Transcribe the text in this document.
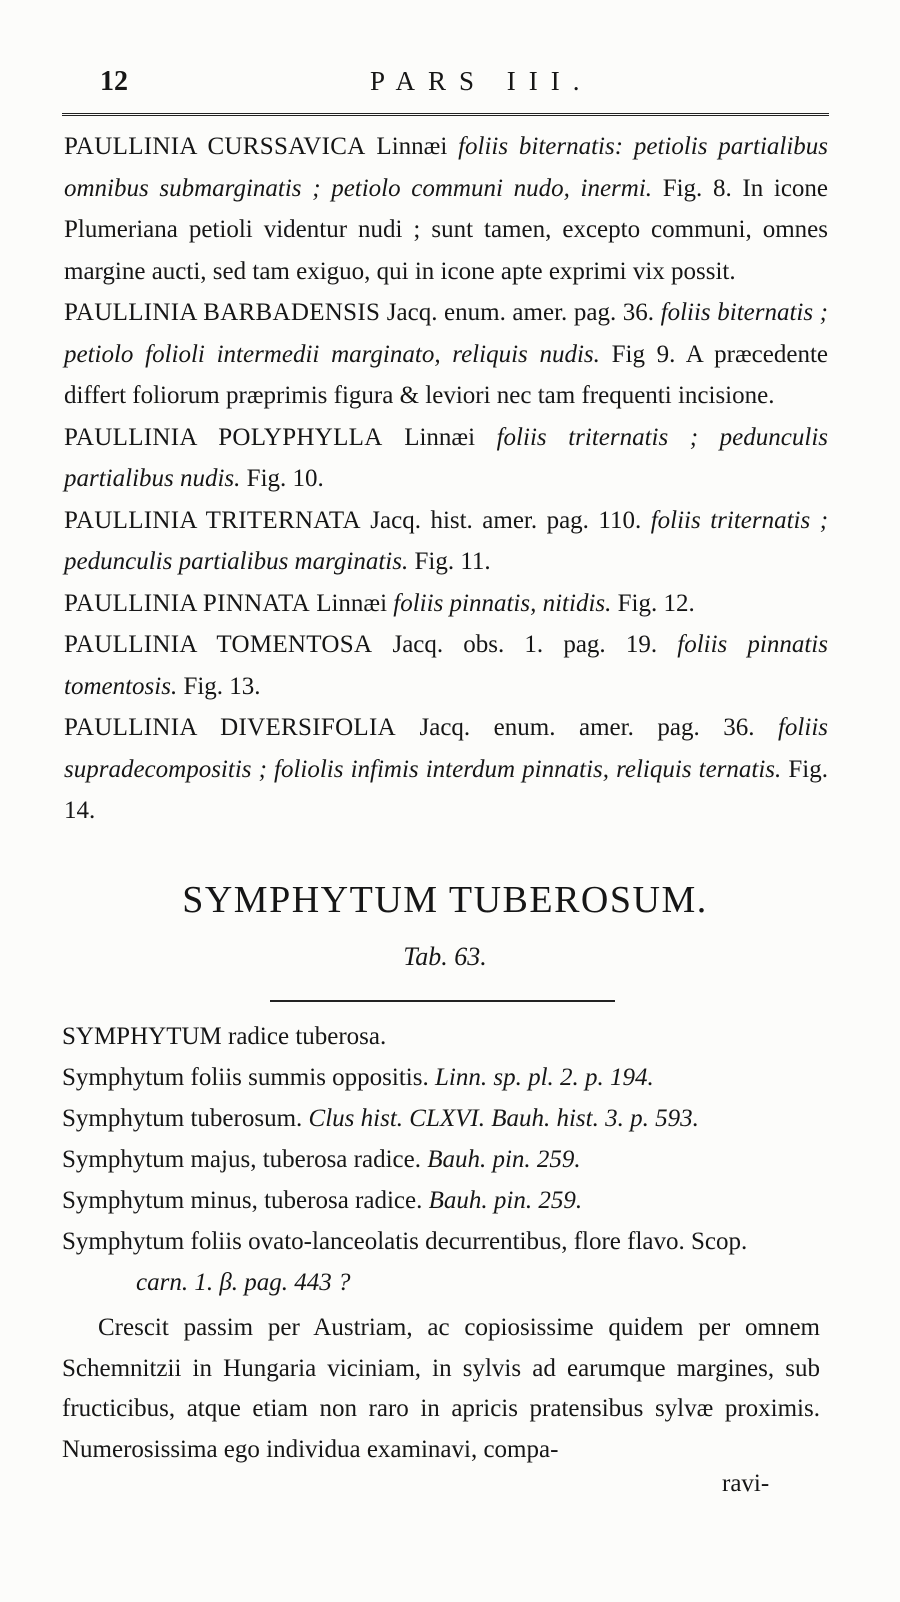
12	PARS III.

PAULLINIA CURSSAVICA Linnæi foliis biternatis: petiolis partialibus omnibus submarginatis ; petiolo communi nudo, inermi. Fig. 8. In icone Plumeriana petioli videntur nudi ; sunt tamen, excepto communi, omnes margine aucti, sed tam exiguo, qui in icone apte exprimi vix possit.

PAULLINIA BARBADENSIS Jacq. enum. amer. pag. 36. foliis biternatis ; petiolo folioli intermedii marginato, reliquis nudis. Fig 9. A præcedente differt foliorum præprimis figura & leviori nec tam frequenti incisione.

PAULLINIA POLYPHYLLA Linnæi foliis triternatis ; pedunculis partialibus nudis. Fig. 10.

PAULLINIA TRITERNATA Jacq. hist. amer. pag. 110. foliis triternatis ; pedunculis partialibus marginatis. Fig. 11.

PAULLINIA PINNATA Linnæi foliis pinnatis, nitidis. Fig. 12.

PAULLINIA TOMENTOSA Jacq. obs. 1. pag. 19. foliis pinnatis tomentosis. Fig. 13.

PAULLINIA DIVERSIFOLIA Jacq. enum. amer. pag. 36. foliis supradecompositis ; foliolis infimis interdum pinnatis, reliquis ternatis. Fig. 14.

SYMPHYTUM TUBEROSUM.
Tab. 63.

SYMPHYTUM radice tuberosa.

Symphytum foliis summis oppositis. Linn. sp. pl. 2. p. 194.

Symphytum tuberosum. Clus hist. CLXVI. Bauh. hist. 3. p. 593.

Symphytum majus, tuberosa radice. Bauh. pin. 259.

Symphytum minus, tuberosa radice. Bauh. pin. 259.

Symphytum foliis ovato-lanceolatis decurrentibus, flore flavo. Scop.

carn. 1. β. pag. 443 ?

Crescit passim per Austriam, ac copiosissime quidem per omnem Schemnitzii in Hungaria viciniam, in sylvis ad earumque margines, sub fructicibus, atque etiam non raro in apricis pratensibus sylvæ proximis. Numerosissima ego individua examinavi, compa-

ravi-
